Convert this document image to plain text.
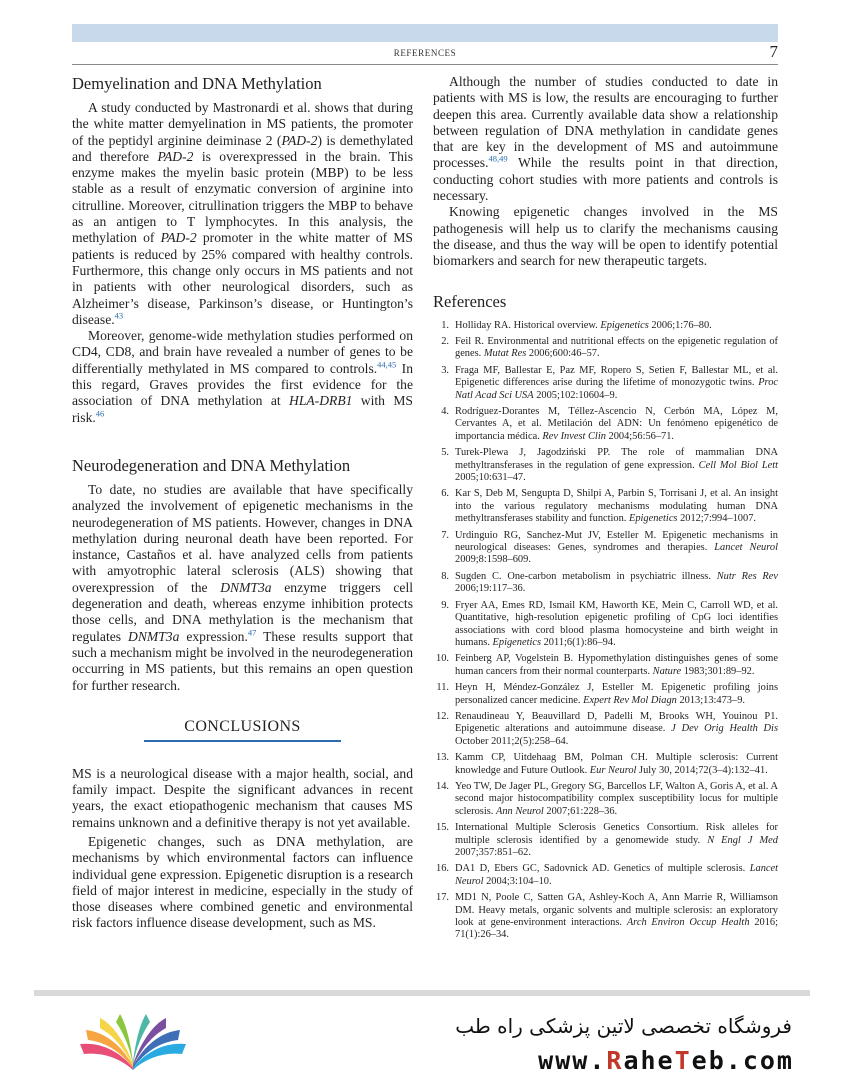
REFERENCES	7
Demyelination and DNA Methylation

A study conducted by Mastronardi et al. shows that during the white matter demyelination in MS patients, the promoter of the peptidyl arginine deiminase 2 (PAD-2) is demethylated and therefore PAD-2 is overexpressed in the brain. This enzyme makes the myelin basic protein (MBP) to be less stable as a result of enzymatic conversion of arginine into citrulline. Moreover, citrullination triggers the MBP to behave as an antigen to T lymphocytes. In this analysis, the methylation of PAD-2 promoter in the white matter of MS patients is reduced by 25% compared with healthy controls. Furthermore, this change only occurs in MS patients and not in patients with other neurological disorders, such as Alzheimer’s disease, Parkinson’s disease, or Huntington’s disease.$^{43}$

Moreover, genome-wide methylation studies performed on CD4, CD8, and brain have revealed a number of genes to be differentially methylated in MS compared to controls.$^{44,45}$ In this regard, Graves provides the first evidence for the association of DNA methylation at HLA-DRB1 with MS risk.$^{46}$

Neurodegeneration and DNA Methylation

To date, no studies are available that have specifically analyzed the involvement of epigenetic mechanisms in the neurodegeneration of MS patients. However, changes in DNA methylation during neuronal death have been reported. For instance, Castaños et al. have analyzed cells from patients with amyotrophic lateral sclerosis (ALS) showing that overexpression of the DNMT3a enzyme triggers cell degeneration and death, whereas enzyme inhibition protects those cells, and DNA methylation is the mechanism that regulates DNMT3a expression.$^{47}$ These results support that such a mechanism might be involved in the neurodegeneration occurring in MS patients, but this remains an open question for further research.

CONCLUSIONS

MS is a neurological disease with a major health, social, and family impact. Despite the significant advances in recent years, the exact etiopathogenic mechanism that causes MS remains unknown and a definitive therapy is not yet available.

Epigenetic changes, such as DNA methylation, are mechanisms by which environmental factors can influence individual gene expression. Epigenetic disruption is a research field of major interest in medicine, especially in the study of those diseases where combined genetic and environmental risk factors influence disease development, such as MS.

Although the number of studies conducted to date in patients with MS is low, the results are encouraging to further deepen this area. Currently available data show a relationship between regulation of DNA methylation in candidate genes that are key in the development of MS and autoimmune processes.$^{48,49}$ While the results point in that direction, conducting cohort studies with more patients and controls is necessary.

Knowing epigenetic changes involved in the MS pathogenesis will help us to clarify the mechanisms causing the disease, and thus the way will be open to identify potential biomarkers and search for new therapeutic targets.

References
1. Holliday RA. Historical overview. Epigenetics 2006;1:76–80.
2. Feil R. Environmental and nutritional effects on the epigenetic regulation of genes. Mutat Res 2006;600:46–57.
3. Fraga MF, Ballestar E, Paz MF, Ropero S, Setien F, Ballestar ML, et al. Epigenetic differences arise during the lifetime of monozygotic twins. Proc Natl Acad Sci USA 2005;102:10604–9.
4. Rodríguez-Dorantes M, Téllez-Ascencio N, Cerbón MA, López M, Cervantes A, et al. Metilación del ADN: Un fenómeno epigenético de importancia médica. Rev Invest Clin 2004;56:56–71.
5. Turek-Plewa J, Jagodziński PP. The role of mammalian DNA methyltransferases in the regulation of gene expression. Cell Mol Biol Lett 2005;10:631–47.
6. Kar S, Deb M, Sengupta D, Shilpi A, Parbin S, Torrisani J, et al. An insight into the various regulatory mechanisms modulating human DNA methyltransferases stability and function. Epigenetics 2012;7:994–1007.
7. Urdinguio RG, Sanchez-Mut JV, Esteller M. Epigenetic mechanisms in neurological diseases: Genes, syndromes and therapies. Lancet Neurol 2009;8:1598–609.
8. Sugden C. One-carbon metabolism in psychiatric illness. Nutr Res Rev 2006;19:117–36.
9. Fryer AA, Emes RD, Ismail KM, Haworth KE, Mein C, Carroll WD, et al. Quantitative, high-resolution epigenetic profiling of CpG loci identifies associations with cord blood plasma homocysteine and birth weight in humans. Epigenetics 2011;6(1):86–94.
10. Feinberg AP, Vogelstein B. Hypomethylation distinguishes genes of some human cancers from their normal counterparts. Nature 1983;301:89–92.
11. Heyn H, Méndez-González J, Esteller M. Epigenetic profiling joins personalized cancer medicine. Expert Rev Mol Diagn 2013;13:473–9.
12. Renaudineau Y, Beauvillard D, Padelli M, Brooks WH, Youinou P1. Epigenetic alterations and autoimmune disease. J Dev Orig Health Dis October 2011;2(5):258–64.
13. Kamm CP, Uitdehaag BM, Polman CH. Multiple sclerosis: Current knowledge and Future Outlook. Eur Neurol July 30, 2014;72(3–4):132–41.
14. Yeo TW, De Jager PL, Gregory SG, Barcellos LF, Walton A, Goris A, et al. A second major histocompatibility complex susceptibility locus for multiple sclerosis. Ann Neurol 2007;61:228–36.
15. International Multiple Sclerosis Genetics Consortium. Risk alleles for multiple sclerosis identified by a genomewide study. N Engl J Med 2007;357:851–62.
16. DA1 D, Ebers GC, Sadovnick AD. Genetics of multiple sclerosis. Lancet Neurol 2004;3:104–10.
17. MD1 N, Poole C, Satten GA, Ashley-Koch A, Ann Marrie R, Williamson DM. Heavy metals, organic solvents and multiple sclerosis: an exploratory look at gene-environment interactions. Arch Environ Occup Health 2016; 71(1):26–34.
فروشگاه تخصصی لاتین پزشکی راه طب
www.RaheTeb.com
